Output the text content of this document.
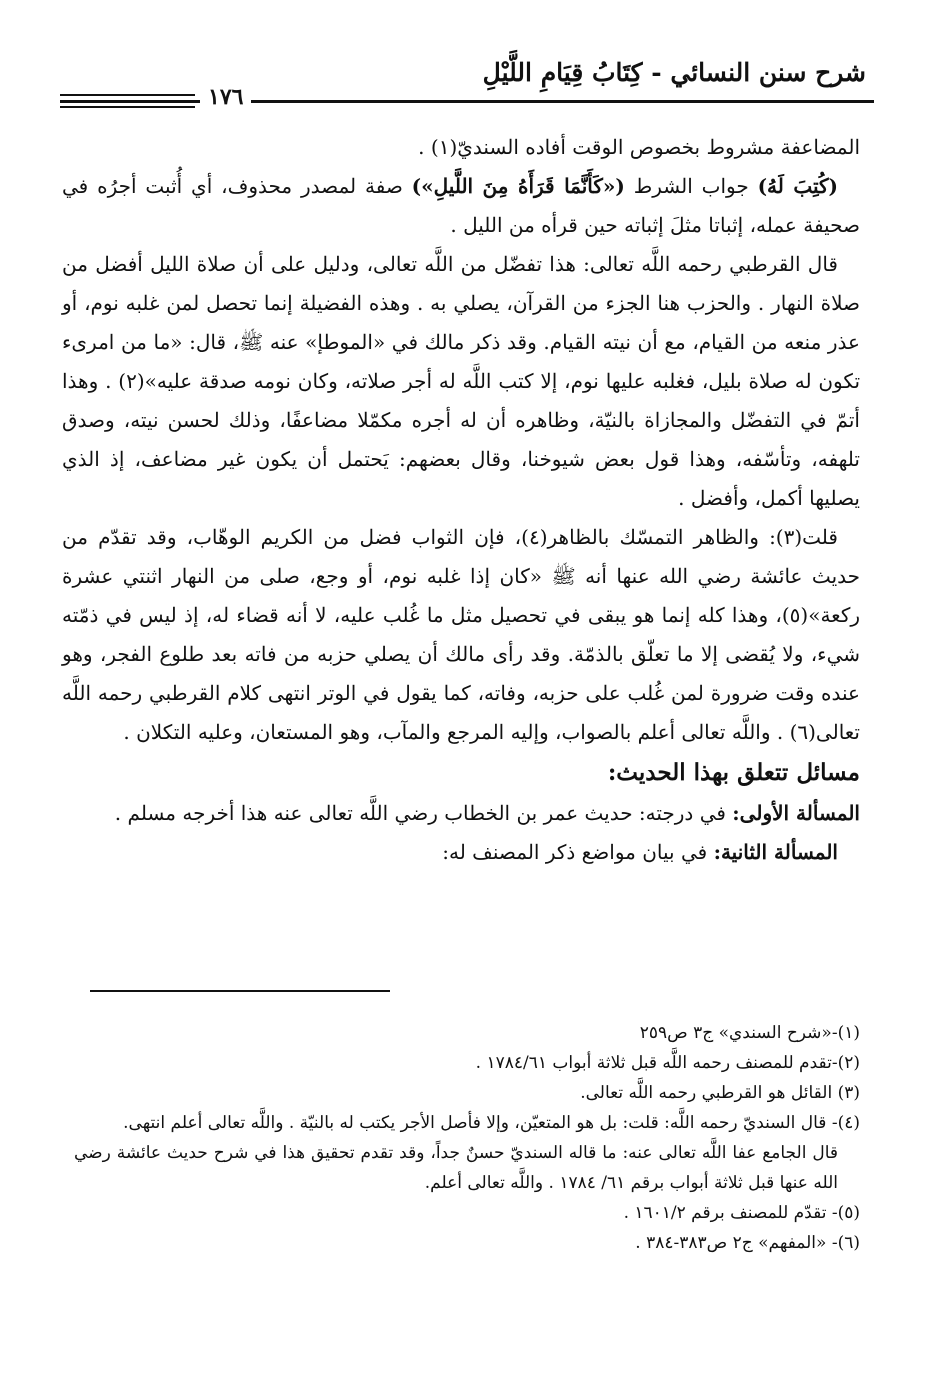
شرح سنن النسائي - كِتَابُ قِيَامِ اللَّيْلِ
١٧٦

المضاعفة مشروط بخصوص الوقت أفاده السنديّ(١) .

(كُتِبَ لَهُ) جواب الشرط («كَأَنَّمَا قَرَأَهُ مِنَ اللَّيلِ») صفة لمصدر محذوف، أي أُثبت أجرُه في صحيفة عمله، إثباتا مثلَ إثباته حين قرأه من الليل .

قال القرطبي رحمه اللَّه تعالى: هذا تفضّل من اللَّه تعالى، ودليل على أن صلاة الليل أفضل من صلاة النهار . والحزب هنا الجزء من القرآن، يصلي به . وهذه الفضيلة إنما تحصل لمن غلبه نوم، أو عذر منعه من القيام، مع أن نيته القيام. وقد ذكر مالك في «الموطإ» عنه ﷺ، قال: «ما من امرىء تكون له صلاة بليل، فغلبه عليها نوم، إلا كتب اللَّه له أجر صلاته، وكان نومه صدقة عليه»(٢) . وهذا أتمّ في التفضّل والمجازاة بالنيّة، وظاهره أن له أجره مكمّلا مضاعفًا، وذلك لحسن نيته، وصدق تلهفه، وتأسّفه، وهذا قول بعض شيوخنا، وقال بعضهم: يَحتمل أن يكون غير مضاعف، إذ الذي يصليها أكمل، وأفضل .

قلت(٣): والظاهر التمسّك بالظاهر(٤)، فإن الثواب فضل من الكريم الوهّاب، وقد تقدّم من حديث عائشة رضي الله عنها أنه ﷺ «كان إذا غلبه نوم، أو وجع، صلى من النهار اثنتي عشرة ركعة»(٥)، وهذا كله إنما هو يبقى في تحصيل مثل ما غُلب عليه، لا أنه قضاء له، إذ ليس في ذمّته شيء، ولا يُقضى إلا ما تعلّق بالذمّة. وقد رأى مالك أن يصلي حزبه من فاته بعد طلوع الفجر، وهو عنده وقت ضرورة لمن غُلب على حزبه، وفاته، كما يقول في الوتر انتهى كلام القرطبي رحمه اللَّه تعالى(٦) . واللَّه تعالى أعلم بالصواب، وإليه المرجع والمآب، وهو المستعان، وعليه التكلان .

مسائل تتعلق بهذا الحديث:

المسألة الأولى: في درجته: حديث عمر بن الخطاب رضي اللَّه تعالى عنه هذا أخرجه مسلم .

المسألة الثانية: في بيان مواضع ذكر المصنف له:

(١)-«شرح السندي» ج٣ ص٢٥٩

(٢)-تقدم للمصنف رحمه اللَّه قبل ثلاثة أبواب ١٧٨٤/٦١ .

(٣) القائل هو القرطبي رحمه اللَّه تعالى.

(٤)- قال السنديّ رحمه اللَّه: قلت: بل هو المتعيّن، وإلا فأصل الأجر يكتب له بالنيّة . واللَّه تعالى أعلم انتهى.

قال الجامع عفا اللَّه تعالى عنه: ما قاله السنديّ حسنٌ جداً، وقد تقدم تحقيق هذا في شرح حديث عائشة رضي الله عنها قبل ثلاثة أبواب برقم ٦١/ ١٧٨٤ . واللَّه تعالى أعلم.

(٥)- تقدّم للمصنف برقم ١٦٠١/٢ .

(٦)- «المفهم» ج٢ ص٣٨٣-٣٨٤ .
